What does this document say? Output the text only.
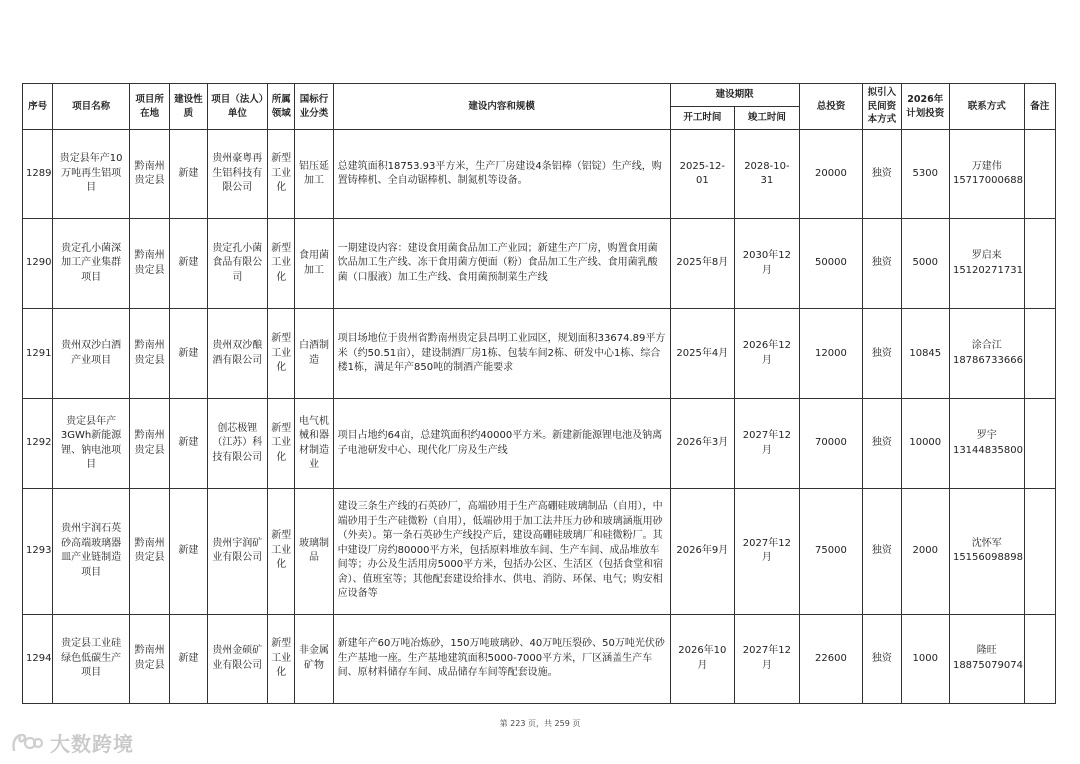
序号	项目名称	项目所在地	建设性质	项目（法人）单位	所属领域	国标行业分类	建设内容和规模	建设期限		总投资	拟引入民间资本方式	2026年计划投资	联系方式	备注
								开工时间	竣工时间					
1289	贵定县年产10万吨再生铝项目	黔南州贵定县	新建	贵州豪粤再生铝科技有限公司	新型工业化	铝压延加工	总建筑面积18753.93平方米，生产厂房建设4条铝棒（铝锭）生产线，购置铸棒机、全自动锯棒机、制氮机等设备。	2025-12-01	2028-10-31	20000	独资	5300	万建伟
15717000688	

1290	贵定孔小菌深加工产业集群项目	黔南州贵定县	新建	贵定孔小菌食品有限公司	新型工业化	食用菌加工	一期建设内容：建设食用菌食品加工产业园；新建生产厂房，购置食用菌饮品加工生产线、冻干食用菌方便面（粉）食品加工生产线、食用菌乳酸菌（口服液）加工生产线、食用菌预制菜生产线	2025年8月	2030年12月	50000	独资	5000	罗启来
15120271731	

1291	贵州双沙白酒产业项目	黔南州贵定县	新建	贵州双沙酿酒有限公司	新型工业化	白酒制造	项目场地位于贵州省黔南州贵定县昌明工业园区，规划面积33674.89平方米（约50.51亩），建设制酒厂房1栋、包装车间2栋、研发中心1栋、综合楼1栋，满足年产850吨的制酒产能要求	2025年4月	2026年12月	12000	独资	10845	涂合江
18786733666	

1292	贵定县年产3GWh新能源锂、钠电池项目	黔南州贵定县	新建	创芯极锂（江苏）科技有限公司	新型工业化	电气机械和器材制造业	项目占地约64亩，总建筑面积约40000平方米。新建新能源锂电池及钠离子电池研发中心、现代化厂房及生产线	2026年3月	2027年12月	70000	独资	10000	罗宇
13144835800	

1293	贵州宇润石英砂高端玻璃器皿产业链制造项目	黔南州贵定县	新建	贵州宇润矿业有限公司	新型工业化	玻璃制品	建设三条生产线的石英砂厂，高端砂用于生产高硼硅玻璃制品（自用），中端砂用于生产硅微粉（自用），低端砂用于加工法井压力砂和玻璃涵瓶用砂（外卖）。第一条石英砂生产线投产后，建设高硼硅玻璃厂和硅微粉厂。其中建设厂房约80000平方米，包括原料堆放车间、生产车间、成品堆放车间等；办公及生活用房5000平方米，包括办公区、生活区（包括食堂和宿舍）、值班室等；其他配套建设给排水、供电、消防、环保、电气；购安相应设备等	2026年9月	2027年12月	75000	独资	2000	沈怀军
15156098898	

1294	贵定县工业硅绿色低碳生产项目	黔南州贵定县	新建	贵州金硕矿业有限公司	新型工业化	非金属矿物	新建年产60万吨冶炼砂，150万吨玻璃砂、40万吨压裂砂、50万吨光伏砂生产基地一座。生产基地建筑面积5000-7000平方米，厂区涵盖生产车间、原材料储存车间、成品储存车间等配套设施。	2026年10月	2027年12月	22600	独资	1000	隆旺
18875079074	

第 223 页，共 259 页
大数跨境
